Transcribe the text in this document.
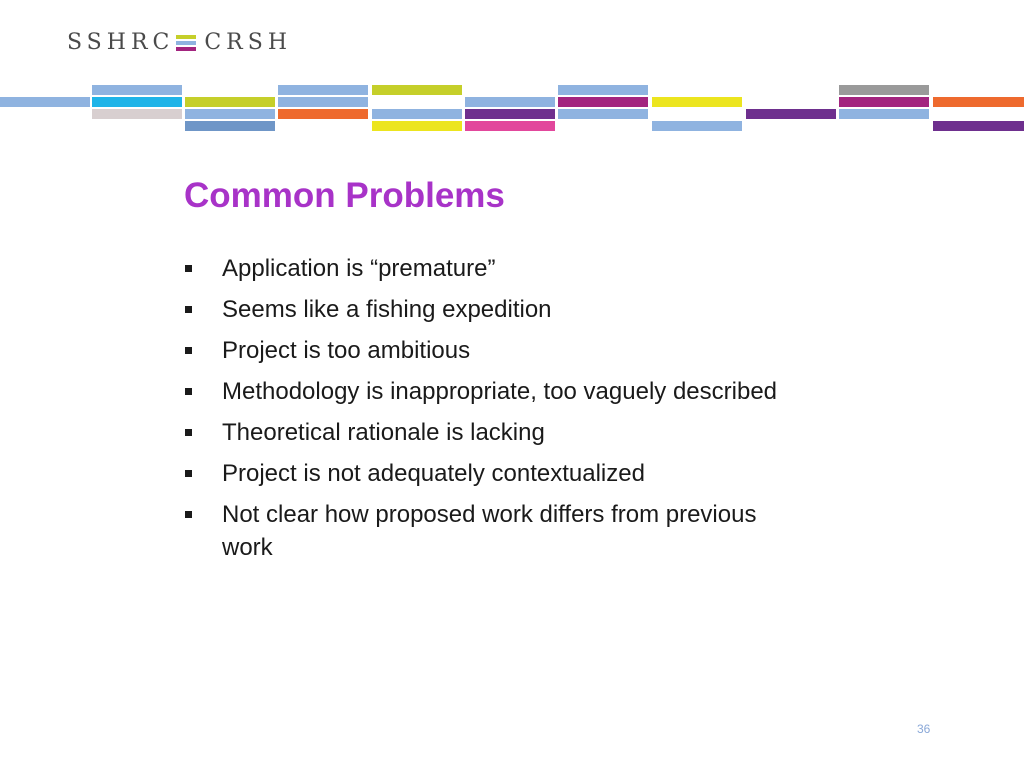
SSHRC CRSH
Common Problems
Application is “premature”
Seems like a fishing expedition
Project is too ambitious
Methodology is inappropriate, too vaguely described
Theoretical rationale is lacking
Project is not adequately contextualized
Not clear how proposed work differs from previous work
36
